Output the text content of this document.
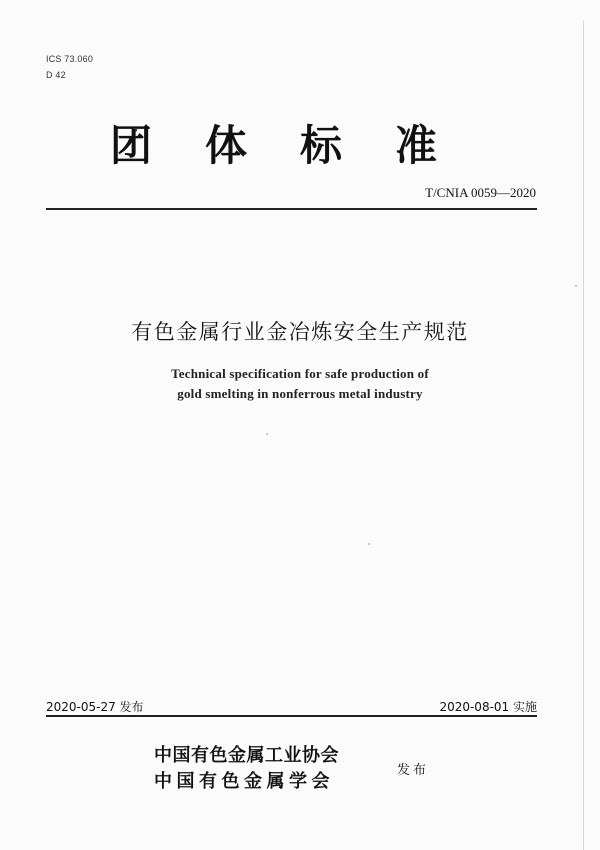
ICS 73.060
D 42
团体标准
T/CNIA 0059—2020
有色金属行业金冶炼安全生产规范
Technical specification for safe production of
gold smelting in nonferrous metal industry
2020-05-27 发布	2020-08-01 实施
中国有色金属工业协会
中国有色金属学会
发布
